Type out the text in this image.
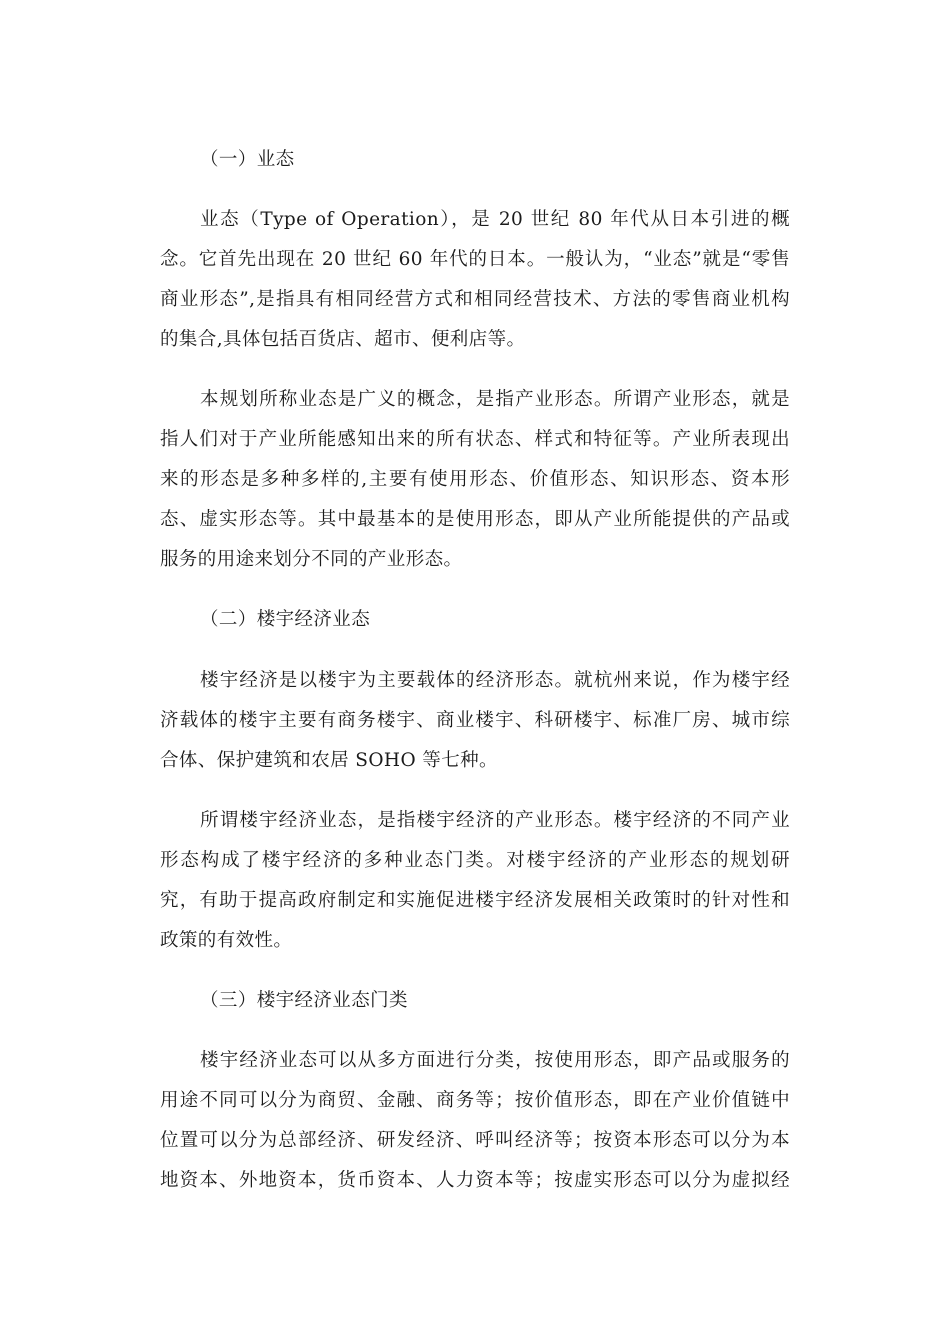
（一）业态

业态（Type of Operation），是 20 世纪 80 年代从日本引进的概
念。它首先出现在 20 世纪 60 年代的日本。一般认为，“业态”就是“零售
商业形态”,是指具有相同经营方式和相同经营技术、方法的零售商业机构
的集合,具体包括百货店、超市、便利店等。
本规划所称业态是广义的概念，是指产业形态。所谓产业形态，就是
指人们对于产业所能感知出来的所有状态、样式和特征等。产业所表现出
来的形态是多种多样的,主要有使用形态、价值形态、知识形态、资本形
态、虚实形态等。其中最基本的是使用形态，即从产业所能提供的产品或
服务的用途来划分不同的产业形态。

（二）楼宇经济业态

楼宇经济是以楼宇为主要载体的经济形态。就杭州来说，作为楼宇经
济载体的楼宇主要有商务楼宇、商业楼宇、科研楼宇、标准厂房、城市综
合体、保护建筑和农居 SOHO 等七种。
所谓楼宇经济业态，是指楼宇经济的产业形态。楼宇经济的不同产业
形态构成了楼宇经济的多种业态门类。对楼宇经济的产业形态的规划研
究，有助于提高政府制定和实施促进楼宇经济发展相关政策时的针对性和
政策的有效性。

（三）楼宇经济业态门类

楼宇经济业态可以从多方面进行分类，按使用形态，即产品或服务的
用途不同可以分为商贸、金融、商务等；按价值形态，即在产业价值链中
位置可以分为总部经济、研发经济、呼叫经济等；按资本形态可以分为本
地资本、外地资本，货币资本、人力资本等；按虚实形态可以分为虚拟经
